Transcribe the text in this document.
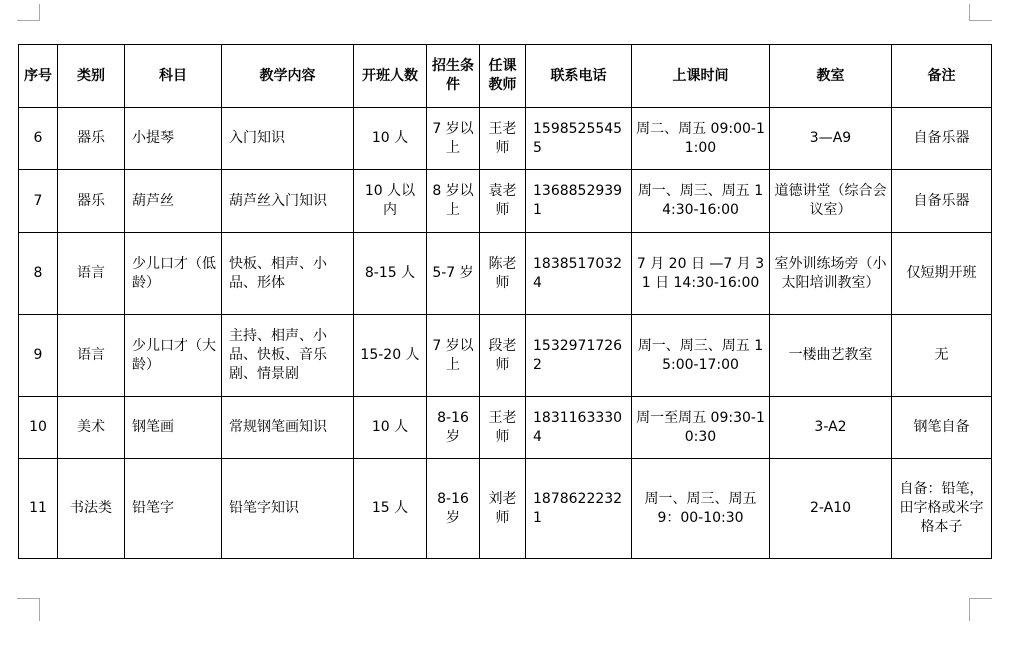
序号	类别	科目	教学内容	开班人数	招生条件	任课教师	联系电话	上课时间	教室	备注
6	器乐	小提琴	入门知识	10 人	7 岁以上	王老师	15985255455	周二、周五 09:00-11:00	3—A9	自备乐器
7	器乐	葫芦丝	葫芦丝入门知识	10 人以内	8 岁以上	袁老师	13688529391	周一、周三、周五 14:30-16:00	道德讲堂（综合会议室）	自备乐器
8	语言	少儿口才（低龄）	快板、相声、小品、形体	8-15 人	5-7 岁	陈老师	18385170324	7 月 20 日 —7 月 31 日 14:30-16:00	室外训练场旁（小太阳培训教室）	仅短期开班
9	语言	少儿口才（大龄）	主持、相声、小品、快板、音乐剧、情景剧	15-20 人	7 岁以上	段老师	15329717262	周一、周三、周五 15:00-17:00	一楼曲艺教室	无
10	美术	钢笔画	常规钢笔画知识	10 人	8-16 岁	王老师	18311633304	周一至周五 09:30-10:30	3-A2	钢笔自备
11	书法类	铅笔字	铅笔字知识	15 人	8-16 岁	刘老师	18786222321	周一、周三、周五 9：00-10:30	2-A10	自备：铅笔，田字格或米字格本子
